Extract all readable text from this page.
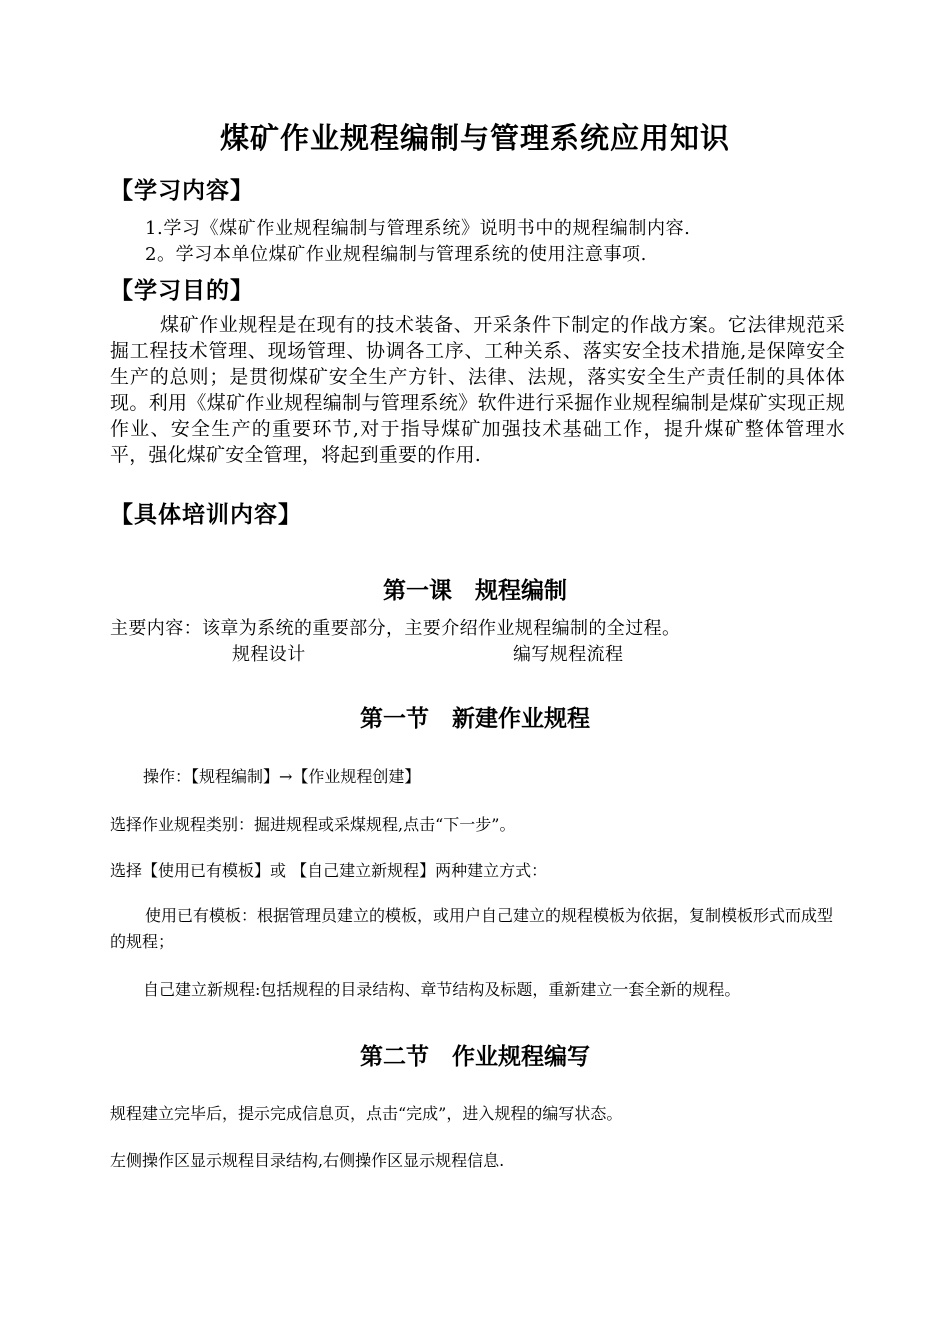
煤矿作业规程编制与管理系统应用知识
【学习内容】
1.学习《煤矿作业规程编制与管理系统》说明书中的规程编制内容.
2。学习本单位煤矿作业规程编制与管理系统的使用注意事项.
【学习目的】
煤矿作业规程是在现有的技术装备、开采条件下制定的作战方案。它法律规范采掘工程技术管理、现场管理、协调各工序、工种关系、落实安全技术措施,是保障安全生产的总则；是贯彻煤矿安全生产方针、法律、法规，落实安全生产责任制的具体体现。利用《煤矿作业规程编制与管理系统》软件进行采掘作业规程编制是煤矿实现正规作业、安全生产的重要环节,对于指导煤矿加强技术基础工作，提升煤矿整体管理水平，强化煤矿安全管理，将起到重要的作用.
【具体培训内容】
第一课　规程编制
主要内容：该章为系统的重要部分，主要介绍作业规程编制的全过程。
规程设计	编写规程流程
第一节　新建作业规程
操作：【规程编制】→【作业规程创建】
选择作业规程类别：掘进规程或采煤规程,点击“下一步”。
选择【使用已有模板】或 【自己建立新规程】两种建立方式：
使用已有模板：根据管理员建立的模板，或用户自己建立的规程模板为依据，复制模板形式而成型的规程；
自己建立新规程:包括规程的目录结构、章节结构及标题，重新建立一套全新的规程。
第二节　作业规程编写
规程建立完毕后，提示完成信息页，点击“完成”，进入规程的编写状态。
左侧操作区显示规程目录结构,右侧操作区显示规程信息.
